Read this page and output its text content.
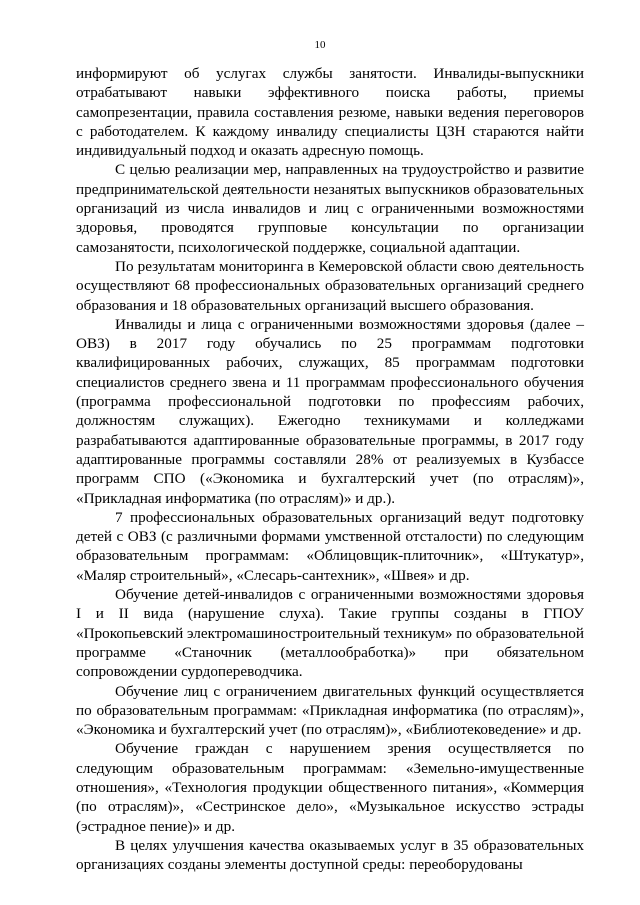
10

информируют об услугах службы занятости. Инвалиды-выпускники отрабатывают навыки эффективного поиска работы, приемы самопрезентации, правила составления резюме, навыки ведения переговоров с работодателем. К каждому инвалиду специалисты ЦЗН стараются найти индивидуальный подход и оказать адресную помощь.

С целью реализации мер, направленных на трудоустройство и развитие предпринимательской деятельности незанятых выпускников образовательных организаций из числа инвалидов и лиц с ограниченными возможностями здоровья, проводятся групповые консультации по организации самозанятости, психологической поддержке, социальной адаптации.

По результатам мониторинга в Кемеровской области свою деятельность осуществляют 68 профессиональных образовательных организаций среднего образования и 18 образовательных организаций высшего образования.

Инвалиды и лица с ограниченными возможностями здоровья (далее – ОВЗ) в 2017 году обучались по 25 программам подготовки квалифицированных рабочих, служащих, 85 программам подготовки специалистов среднего звена и 11 программам профессионального обучения (программа профессиональной подготовки по профессиям рабочих, должностям служащих). Ежегодно техникумами и колледжами разрабатываются адаптированные образовательные программы, в 2017 году адаптированные программы составляли 28% от реализуемых в Кузбассе программ СПО («Экономика и бухгалтерский учет (по отраслям)», «Прикладная информатика (по отраслям)» и др.).

7 профессиональных образовательных организаций ведут подготовку детей с ОВЗ (с различными формами умственной отсталости) по следующим образовательным программам: «Облицовщик-плиточник», «Штукатур», «Маляр строительный», «Слесарь-сантехник», «Швея» и др.

Обучение детей-инвалидов с ограниченными возможностями здоровья I и II вида (нарушение слуха). Такие группы созданы в ГПОУ «Прокопьевский электромашиностроительный техникум» по образовательной программе «Станочник (металлообработка)» при обязательном сопровождении сурдопереводчика.

Обучение лиц с ограничением двигательных функций осуществляется по образовательным программам: «Прикладная информатика (по отраслям)», «Экономика и бухгалтерский учет (по отраслям)», «Библиотековедение» и др.

Обучение граждан с нарушением зрения осуществляется по следующим образовательным программам: «Земельно-имущественные отношения», «Технология продукции общественного питания», «Коммерция (по отраслям)», «Сестринское дело», «Музыкальное искусство эстрады (эстрадное пение)» и др.

В целях улучшения качества оказываемых услуг в 35 образовательных организациях созданы элементы доступной среды: переоборудованы
